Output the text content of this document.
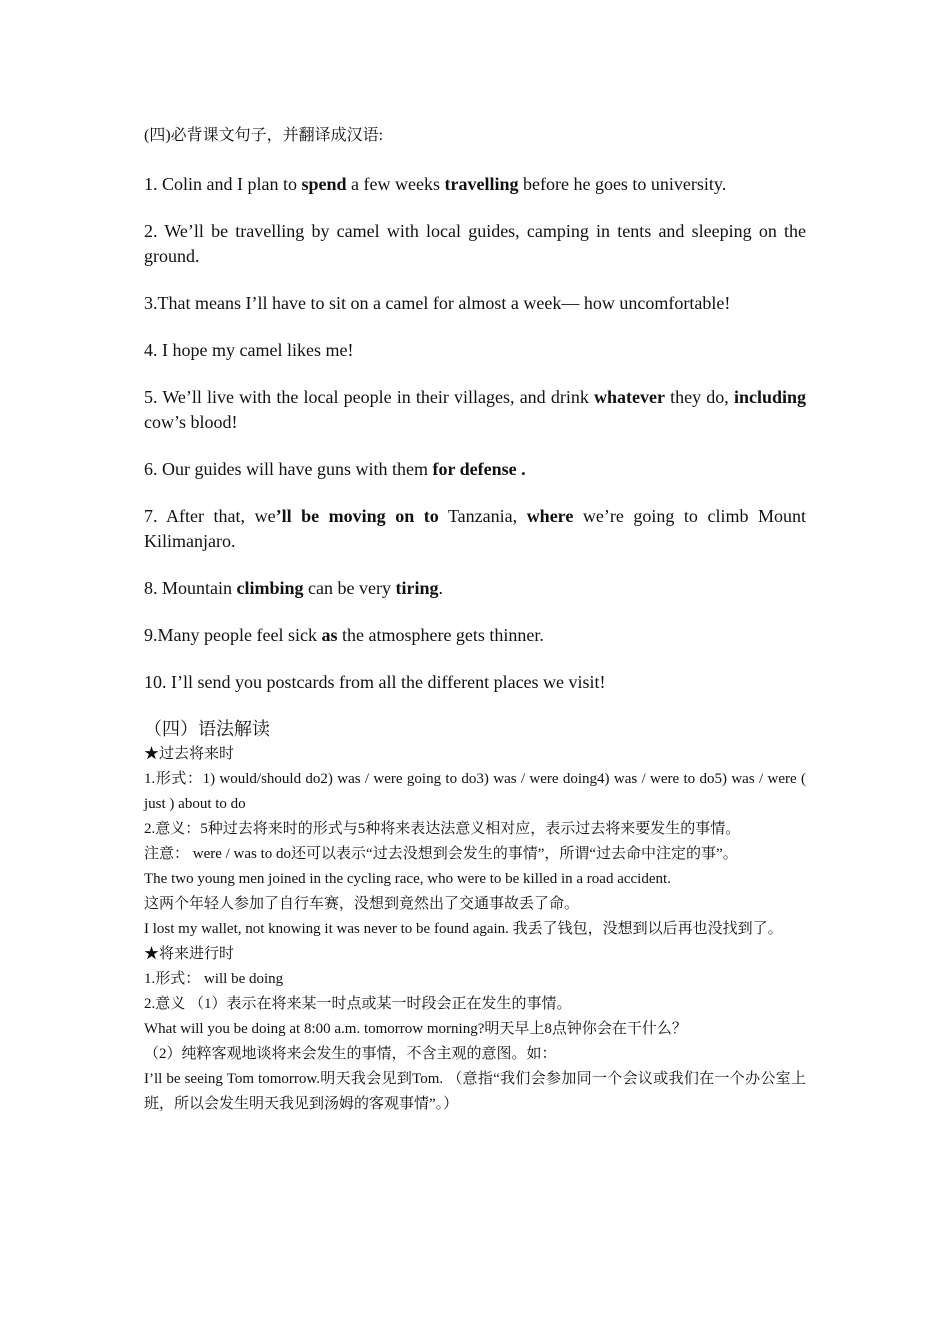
(四)必背课文句子，并翻译成汉语:

1. Colin and I plan to spend a few weeks travelling before he goes to university.

2. We’ll be travelling by camel with local guides, camping in tents and sleeping on the ground.

3.That means I’ll have to sit on a camel for almost a week— how uncomfortable!

4. I hope my camel likes me!

5. We’ll live with the local people in their villages, and drink whatever they do, including cow’s blood!

6. Our guides will have guns with them for defense .

7. After that, we’ll be moving on to Tanzania, where we’re going to climb Mount Kilimanjaro.

8. Mountain climbing can be very tiring.

9.Many people feel sick as the atmosphere gets thinner.

10. I’ll send you postcards from all the different places we visit!

（四）语法解读

★过去将来时

1.形式：1) would/should do2) was / were going to do3) was / were doing4) was / were to do5) was / were ( just ) about to do

2.意义：5种过去将来时的形式与5种将来表达法意义相对应，表示过去将来要发生的事情。

注意： were / was to do还可以表示“过去没想到会发生的事情”，所谓“过去命中注定的事”。

The two young men joined in the cycling race, who were to be killed in a road accident.

这两个年轻人参加了自行车赛，没想到竟然出了交通事故丢了命。

I lost my wallet, not knowing it was never to be found again. 我丢了钱包，没想到以后再也没找到了。

★将来进行时

1.形式： will be doing

2.意义 （1）表示在将来某一时点或某一时段会正在发生的事情。

What will you be doing at 8:00 a.m. tomorrow morning?明天早上8点钟你会在干什么？

（2）纯粹客观地谈将来会发生的事情，不含主观的意图。如：

I’ll be seeing Tom tomorrow.明天我会见到Tom. （意指“我们会参加同一个会议或我们在一个办公室上班，所以会发生明天我见到汤姆的客观事情”。）
